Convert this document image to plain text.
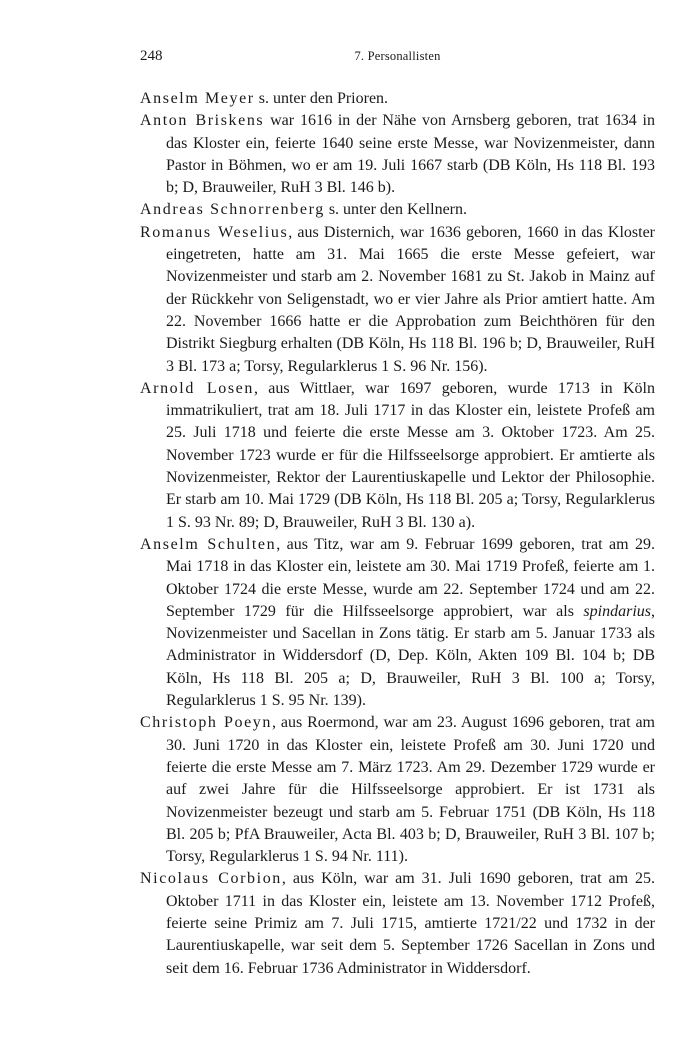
248	7. Personallisten

Anselm Meyer s. unter den Prioren.

Anton Briskens war 1616 in der Nähe von Arnsberg geboren, trat 1634 in das Kloster ein, feierte 1640 seine erste Messe, war Novizenmeister, dann Pastor in Böhmen, wo er am 19. Juli 1667 starb (DB Köln, Hs 118 Bl. 193 b; D, Brauweiler, RuH 3 Bl. 146 b).

Andreas Schnorrenberg s. unter den Kellnern.

Romanus Weselius, aus Disternich, war 1636 geboren, 1660 in das Kloster eingetreten, hatte am 31. Mai 1665 die erste Messe gefeiert, war Novizenmeister und starb am 2. November 1681 zu St. Jakob in Mainz auf der Rückkehr von Seligenstadt, wo er vier Jahre als Prior amtiert hatte. Am 22. November 1666 hatte er die Approbation zum Beichthören für den Distrikt Siegburg erhalten (DB Köln, Hs 118 Bl. 196 b; D, Brauweiler, RuH 3 Bl. 173 a; Torsy, Regularklerus 1 S. 96 Nr. 156).

Arnold Losen, aus Wittlaer, war 1697 geboren, wurde 1713 in Köln immatrikuliert, trat am 18. Juli 1717 in das Kloster ein, leistete Profeß am 25. Juli 1718 und feierte die erste Messe am 3. Oktober 1723. Am 25. November 1723 wurde er für die Hilfsseelsorge approbiert. Er amtierte als Novizenmeister, Rektor der Laurentiuskapelle und Lektor der Philosophie. Er starb am 10. Mai 1729 (DB Köln, Hs 118 Bl. 205 a; Torsy, Regularklerus 1 S. 93 Nr. 89; D, Brauweiler, RuH 3 Bl. 130 a).

Anselm Schulten, aus Titz, war am 9. Februar 1699 geboren, trat am 29. Mai 1718 in das Kloster ein, leistete am 30. Mai 1719 Profeß, feierte am 1. Oktober 1724 die erste Messe, wurde am 22. September 1724 und am 22. September 1729 für die Hilfsseelsorge approbiert, war als spindarius, Novizenmeister und Sacellan in Zons tätig. Er starb am 5. Januar 1733 als Administrator in Widdersdorf (D, Dep. Köln, Akten 109 Bl. 104 b; DB Köln, Hs 118 Bl. 205 a; D, Brauweiler, RuH 3 Bl. 100 a; Torsy, Regularklerus 1 S. 95 Nr. 139).

Christoph Poeyn, aus Roermond, war am 23. August 1696 geboren, trat am 30. Juni 1720 in das Kloster ein, leistete Profeß am 30. Juni 1720 und feierte die erste Messe am 7. März 1723. Am 29. Dezember 1729 wurde er auf zwei Jahre für die Hilfsseelsorge approbiert. Er ist 1731 als Novizenmeister bezeugt und starb am 5. Februar 1751 (DB Köln, Hs 118 Bl. 205 b; PfA Brauweiler, Acta Bl. 403 b; D, Brauweiler, RuH 3 Bl. 107 b; Torsy, Regularklerus 1 S. 94 Nr. 111).

Nicolaus Corbion, aus Köln, war am 31. Juli 1690 geboren, trat am 25. Oktober 1711 in das Kloster ein, leistete am 13. November 1712 Profeß, feierte seine Primiz am 7. Juli 1715, amtierte 1721/22 und 1732 in der Laurentiuskapelle, war seit dem 5. September 1726 Sacellan in Zons und seit dem 16. Februar 1736 Administrator in Widdersdorf.
